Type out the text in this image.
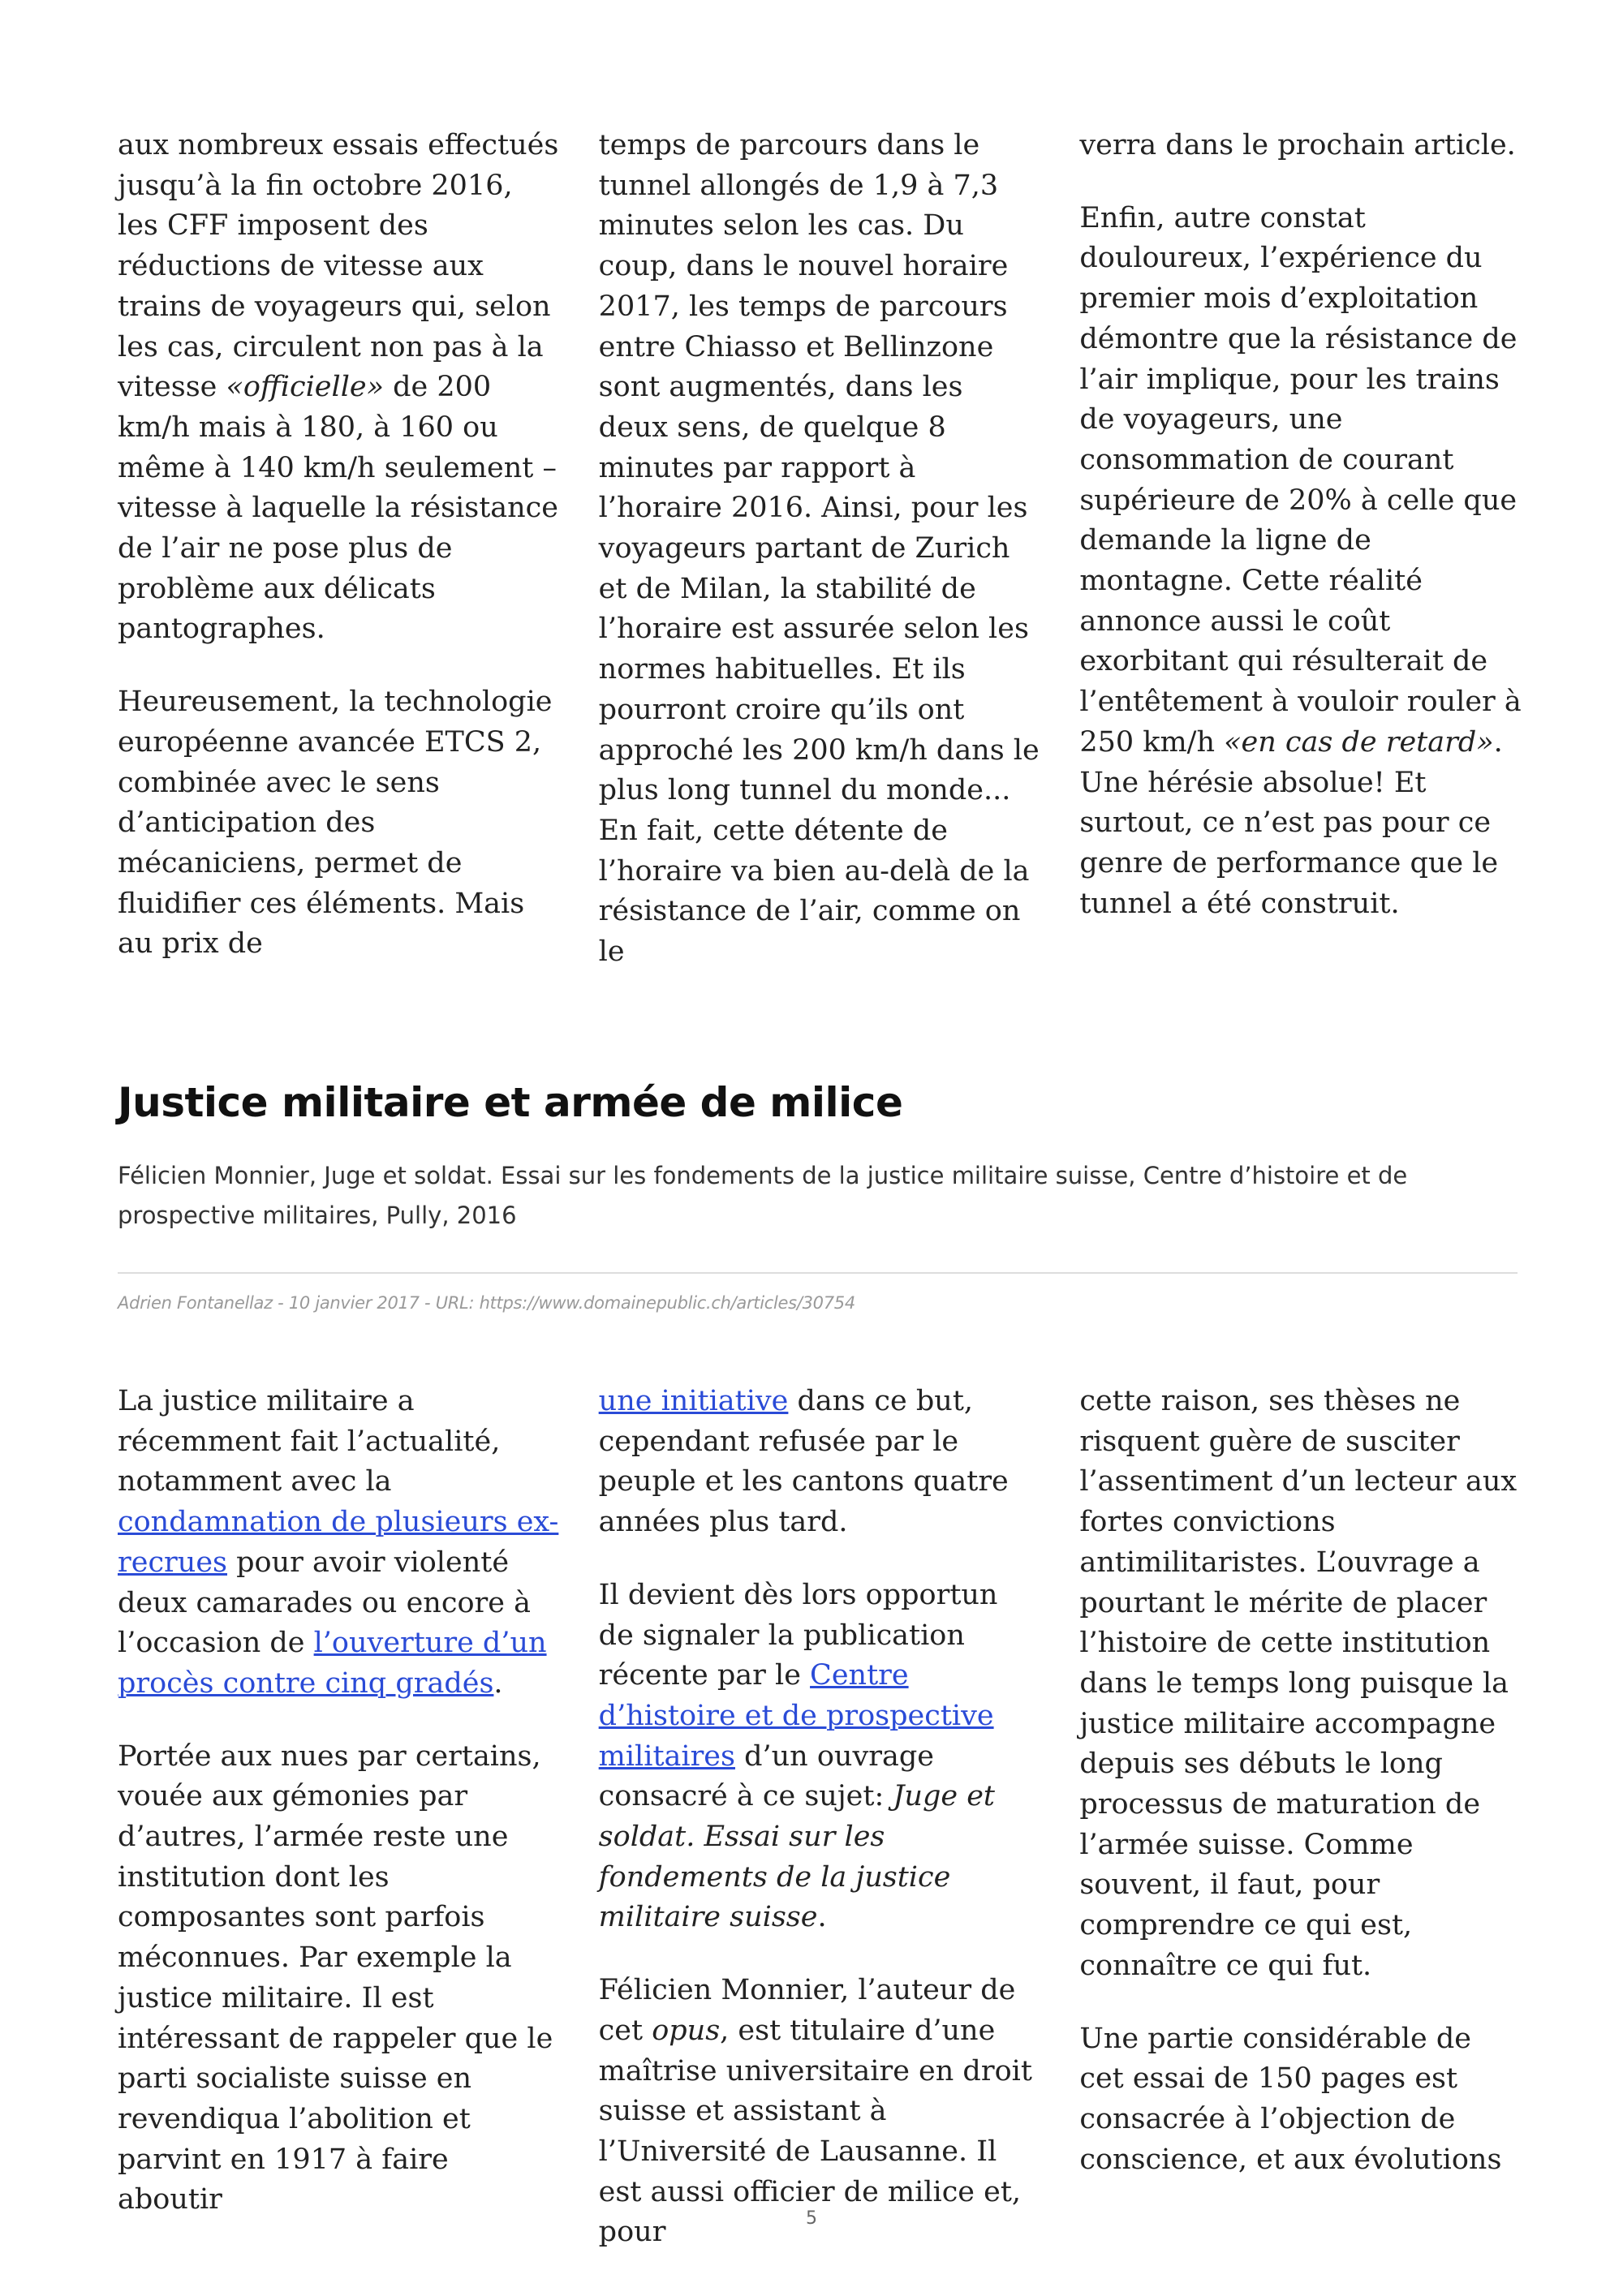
aux nombreux essais effectués jusqu’à la fin octobre 2016, les CFF imposent des réductions de vitesse aux trains de voyageurs qui, selon les cas, circulent non pas à la vitesse «officielle» de 200 km/h mais à 180, à 160 ou même à 140 km/h seulement – vitesse à laquelle la résistance de l’air ne pose plus de problème aux délicats pantographes.

Heureusement, la technologie européenne avancée ETCS 2, combinée avec le sens d’anticipation des mécaniciens, permet de fluidifier ces éléments. Mais au prix de

temps de parcours dans le tunnel allongés de 1,9 à 7,3 minutes selon les cas. Du coup, dans le nouvel horaire 2017, les temps de parcours entre Chiasso et Bellinzone sont augmentés, dans les deux sens, de quelque 8 minutes par rapport à l’horaire 2016. Ainsi, pour les voyageurs partant de Zurich et de Milan, la stabilité de l’horaire est assurée selon les normes habituelles. Et ils pourront croire qu’ils ont approché les 200 km/h dans le plus long tunnel du monde... En fait, cette détente de l’horaire va bien au-delà de la résistance de l’air, comme on le

verra dans le prochain article.

Enfin, autre constat douloureux, l’expérience du premier mois d’exploitation démontre que la résistance de l’air implique, pour les trains de voyageurs, une consommation de courant supérieure de 20% à celle que demande la ligne de montagne. Cette réalité annonce aussi le coût exorbitant qui résulterait de l’entêtement à vouloir rouler à 250 km/h «en cas de retard». Une hérésie absolue! Et surtout, ce n’est pas pour ce genre de performance que le tunnel a été construit.

Justice militaire et armée de milice

Félicien Monnier, Juge et soldat. Essai sur les fondements de la justice militaire suisse, Centre d’histoire et de prospective militaires, Pully, 2016

Adrien Fontanellaz - 10 janvier 2017 - URL: https://www.domainepublic.ch/articles/30754

La justice militaire a récemment fait l’actualité, notamment avec la condamnation de plusieurs ex-recrues pour avoir violenté deux camarades ou encore à l’occasion de l’ouverture d’un procès contre cinq gradés.

Portée aux nues par certains, vouée aux gémonies par d’autres, l’armée reste une institution dont les composantes sont parfois méconnues. Par exemple la justice militaire. Il est intéressant de rappeler que le parti socialiste suisse en revendiqua l’abolition et parvint en 1917 à faire aboutir

une initiative dans ce but, cependant refusée par le peuple et les cantons quatre années plus tard.

Il devient dès lors opportun de signaler la publication récente par le Centre d’histoire et de prospective militaires d’un ouvrage consacré à ce sujet: Juge et soldat. Essai sur les fondements de la justice militaire suisse.

Félicien Monnier, l’auteur de cet opus, est titulaire d’une maîtrise universitaire en droit suisse et assistant à l’Université de Lausanne. Il est aussi officier de milice et, pour

cette raison, ses thèses ne risquent guère de susciter l’assentiment d’un lecteur aux fortes convictions antimilitaristes. L’ouvrage a pourtant le mérite de placer l’histoire de cette institution dans le temps long puisque la justice militaire accompagne depuis ses débuts le long processus de maturation de l’armée suisse. Comme souvent, il faut, pour comprendre ce qui est, connaître ce qui fut.

Une partie considérable de cet essai de 150 pages est consacrée à l’objection de conscience, et aux évolutions

5
